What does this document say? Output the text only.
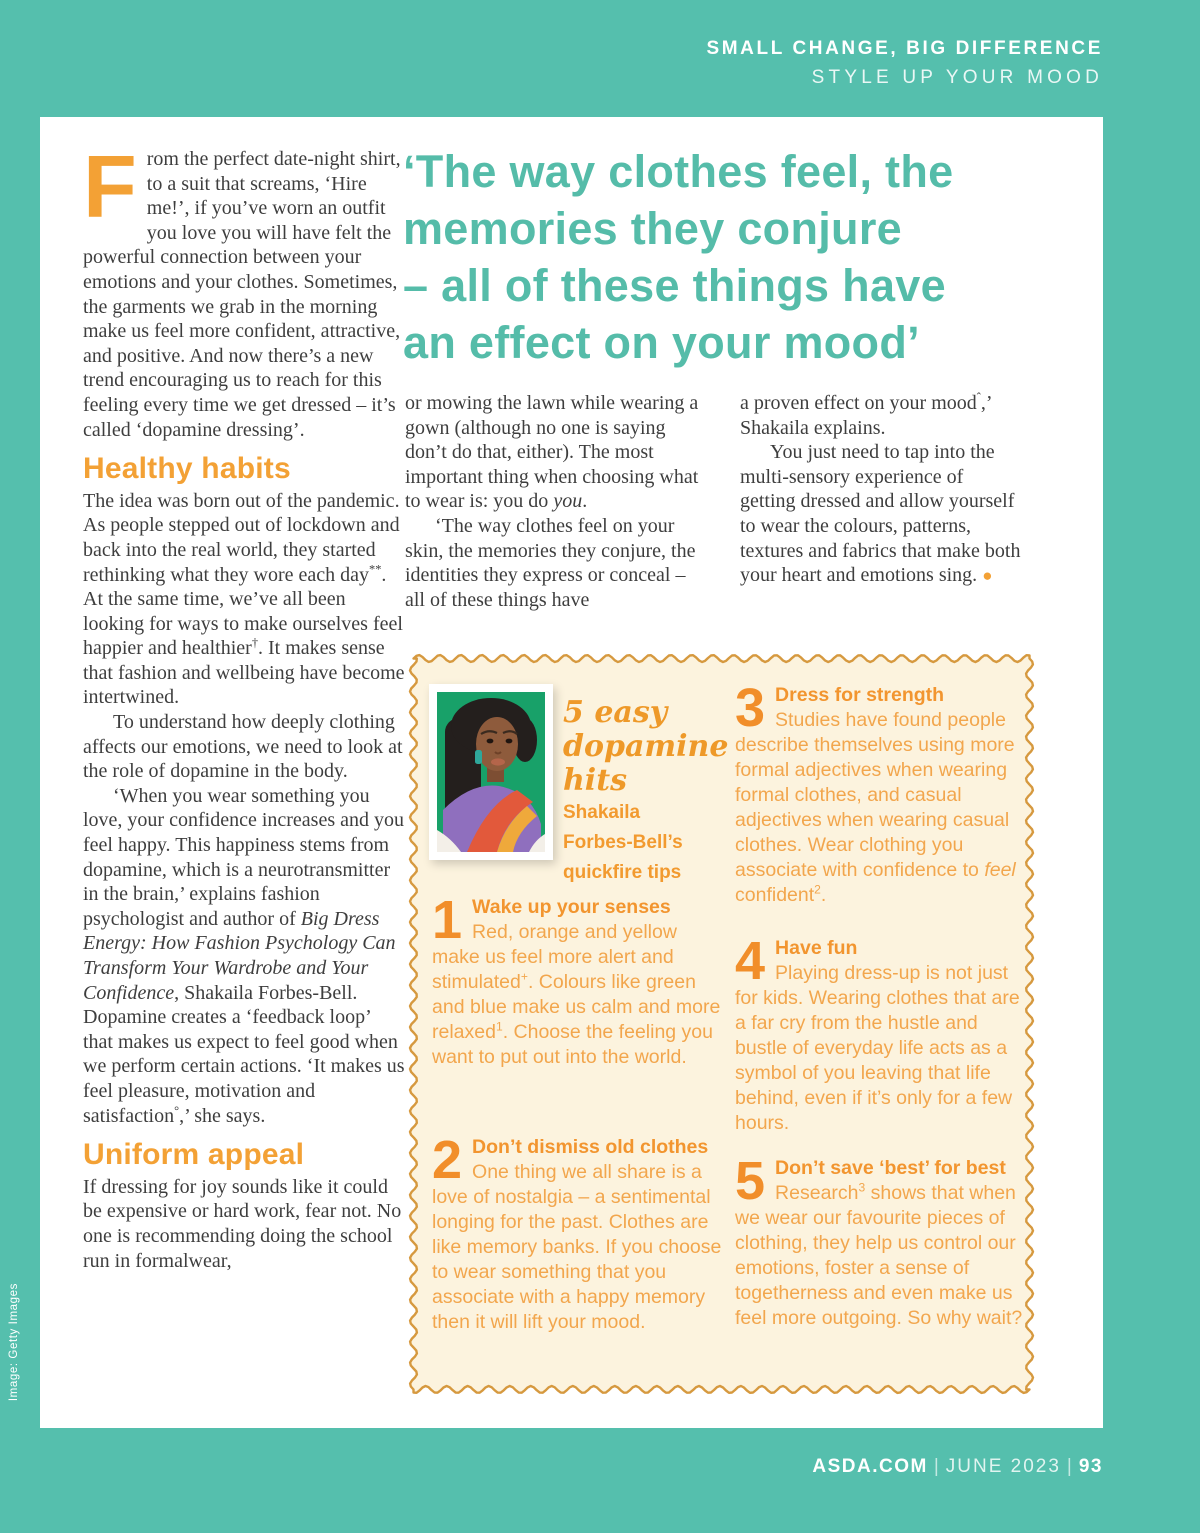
SMALL CHANGE, BIG DIFFERENCE
STYLE UP YOUR MOOD
Image: Getty Images
ASDA.COM | JUNE 2023 | 93

From the perfect date-night shirt, to a suit that screams, ‘Hire me!’, if you’ve worn an outfit you love you will have felt the powerful connection between your emotions and your clothes. Sometimes, the garments we grab in the morning make us feel more confident, attractive, and positive. And now there’s a new trend encouraging us to reach for this feeling every time we get dressed – it’s called ‘dopamine dressing’.

Healthy habits

The idea was born out of the pandemic. As people stepped out of lockdown and back into the real world, they started rethinking what they wore each day**. At the same time, we’ve all been looking for ways to make ourselves feel happier and healthier†. It makes sense that fashion and wellbeing have become intertwined.

To understand how deeply clothing affects our emotions, we need to look at the role of dopamine in the body.

‘When you wear something you love, your confidence increases and you feel happy. This happiness stems from dopamine, which is a neurotransmitter in the brain,’ explains fashion psychologist and author of Big Dress Energy: How Fashion Psychology Can Transform Your Wardrobe and Your Confidence, Shakaila Forbes-Bell. Dopamine creates a ‘feedback loop’ that makes us expect to feel good when we perform certain actions. ‘It makes us feel pleasure, motivation and satisfaction°,’ she says.

Uniform appeal

If dressing for joy sounds like it could be expensive or hard work, fear not. No one is recommending doing the school run in formalwear,

‘The way clothes feel, the
memories they conjure
– all of these things have
an effect on your mood’

or mowing the lawn while wearing a gown (although no one is saying don’t do that, either). The most important thing when choosing what to wear is: you do you.

‘The way clothes feel on your skin, the memories they conjure, the identities they express or conceal – all of these things have

a proven effect on your mood$^ˆ$,’ Shakaila explains.

You just need to tap into the multi-sensory experience of getting dressed and allow yourself to wear the colours, patterns, textures and fabrics that make both your heart and emotions sing. ●

5 easy
dopamine
hits
Shakaila
Forbes-Bell’s
quickfire tips
1 Wake up your senses
Red, orange and yellow make us feel more alert and stimulated+. Colours like green and blue make us calm and more relaxed$^1$. Choose the feeling you want to put out into the world.
2 Don’t dismiss old clothes
One thing we all share is a love of nostalgia – a sentimental longing for the past. Clothes are like memory banks. If you choose to wear something that you associate with a happy memory then it will lift your mood.
3 Dress for strength
Studies have found people describe themselves using more formal adjectives when wearing formal clothes, and casual adjectives when wearing casual clothes. Wear clothing you associate with confidence to feel confident$^2$.
4 Have fun
Playing dress-up is not just for kids. Wearing clothes that are a far cry from the hustle and bustle of everyday life acts as a symbol of you leaving that life behind, even if it’s only for a few hours.
5 Don’t save ‘best’ for best
Research$^3$ shows that when we wear our favourite pieces of clothing, they help us control our emotions, foster a sense of togetherness and even make us feel more outgoing. So why wait?
